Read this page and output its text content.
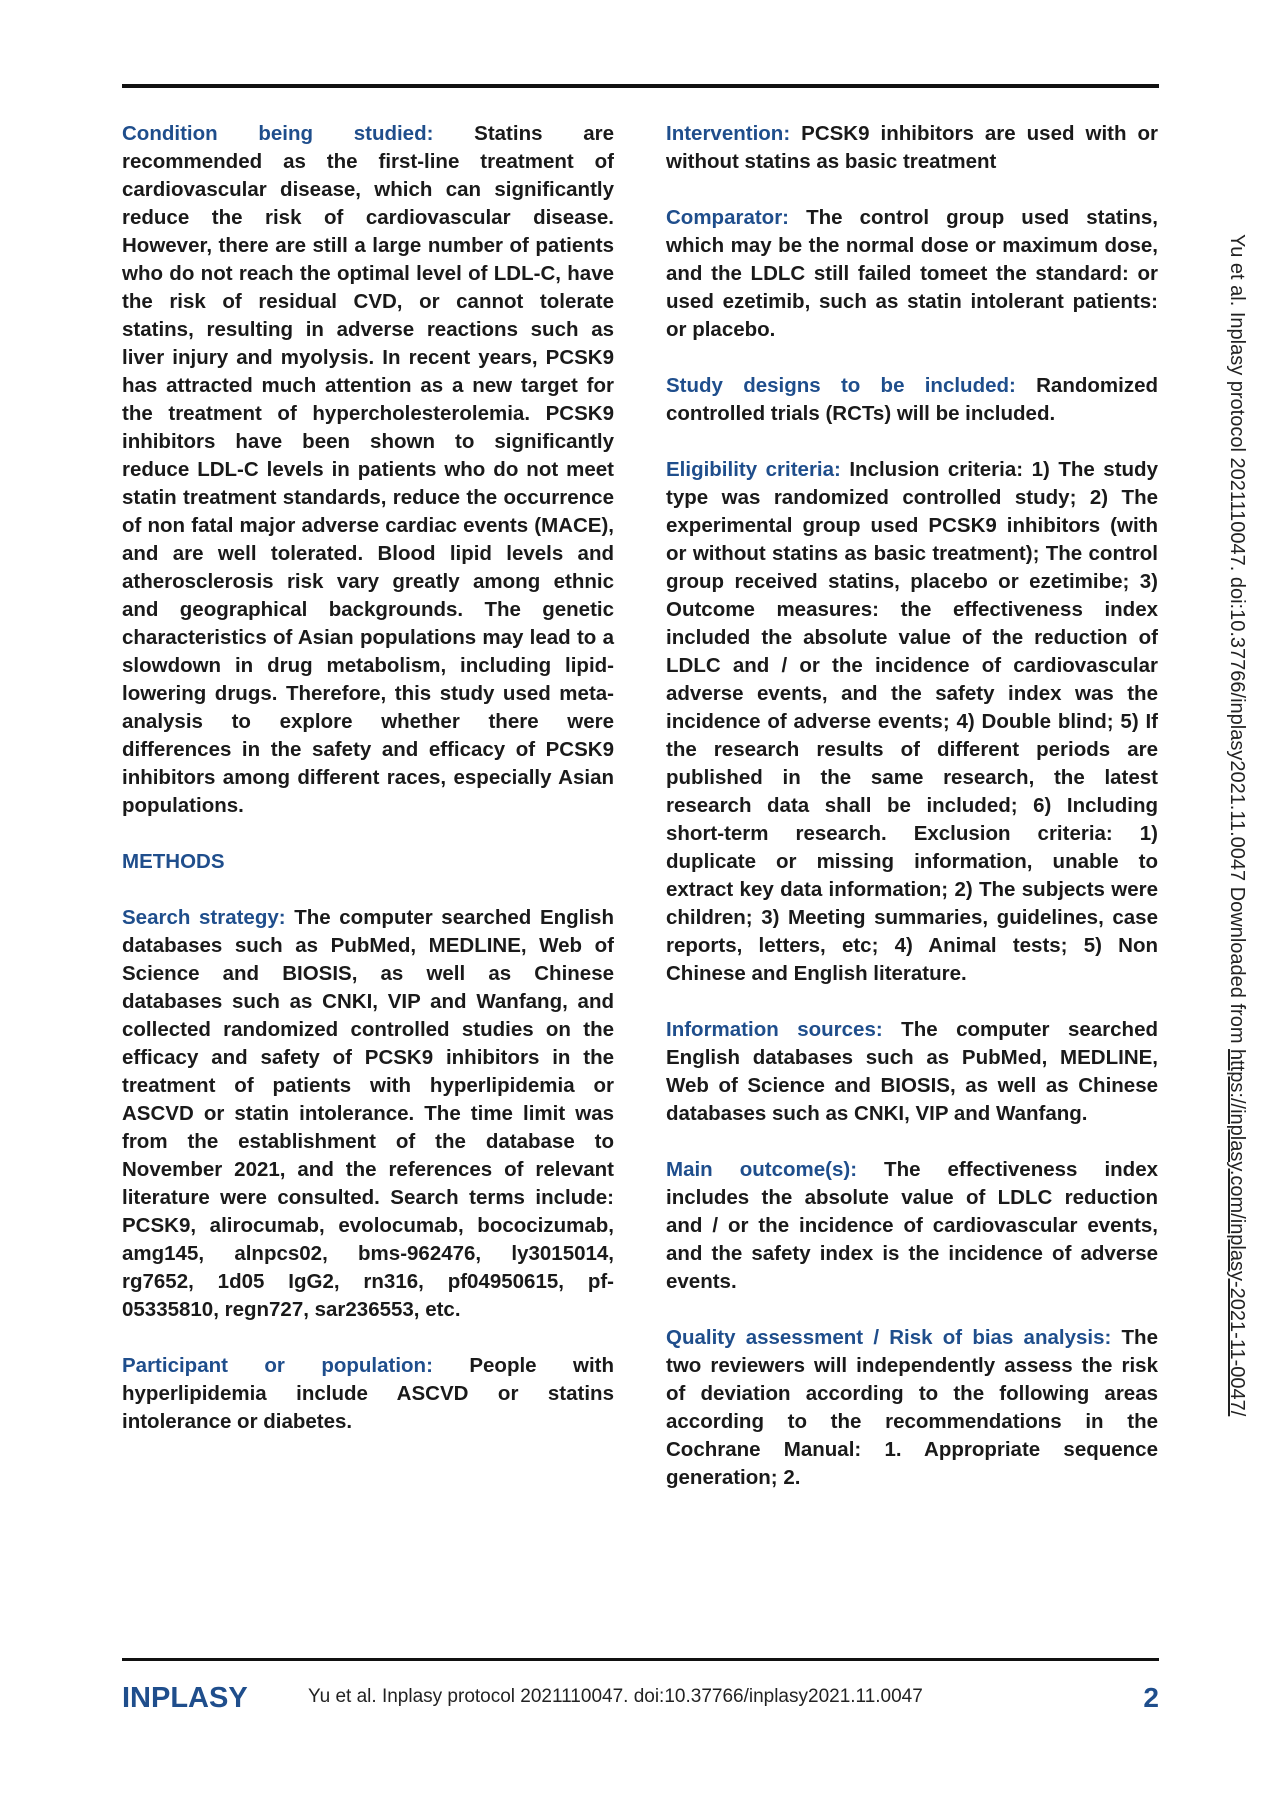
Condition being studied: Statins are recommended as the first-line treatment of cardiovascular disease, which can significantly reduce the risk of cardiovascular disease. However, there are still a large number of patients who do not reach the optimal level of LDL-C, have the risk of residual CVD, or cannot tolerate statins, resulting in adverse reactions such as liver injury and myolysis. In recent years, PCSK9 has attracted much attention as a new target for the treatment of hypercholesterolemia. PCSK9 inhibitors have been shown to significantly reduce LDL-C levels in patients who do not meet statin treatment standards, reduce the occurrence of non fatal major adverse cardiac events (MACE), and are well tolerated. Blood lipid levels and atherosclerosis risk vary greatly among ethnic and geographical backgrounds. The genetic characteristics of Asian populations may lead to a slowdown in drug metabolism, including lipid-lowering drugs. Therefore, this study used meta-analysis to explore whether there were differences in the safety and efficacy of PCSK9 inhibitors among different races, especially Asian populations.

METHODS

Search strategy: The computer searched English databases such as PubMed, MEDLINE, Web of Science and BIOSIS, as well as Chinese databases such as CNKI, VIP and Wanfang, and collected randomized controlled studies on the efficacy and safety of PCSK9 inhibitors in the treatment of patients with hyperlipidemia or ASCVD or statin intolerance. The time limit was from the establishment of the database to November 2021, and the references of relevant literature were consulted. Search terms include: PCSK9, alirocumab, evolocumab, bococizumab, amg145, alnpcs02, bms-962476, ly3015014, rg7652, 1d05 IgG2, rn316, pf04950615, pf-05335810, regn727, sar236553, etc.

Participant or population: People with hyperlipidemia include ASCVD or statins intolerance or diabetes.

Intervention: PCSK9 inhibitors are used with or without statins as basic treatment

Comparator: The control group used statins, which may be the normal dose or maximum dose, and the LDLC still failed tomeet the standard: or used ezetimib, such as statin intolerant patients: or placebo.

Study designs to be included: Randomized controlled trials (RCTs) will be included.

Eligibility criteria: Inclusion criteria: 1) The study type was randomized controlled study; 2) The experimental group used PCSK9 inhibitors (with or without statins as basic treatment); The control group received statins, placebo or ezetimibe; 3) Outcome measures: the effectiveness index included the absolute value of the reduction of LDLC and / or the incidence of cardiovascular adverse events, and the safety index was the incidence of adverse events; 4) Double blind; 5) If the research results of different periods are published in the same research, the latest research data shall be included; 6) Including short-term research. Exclusion criteria: 1) duplicate or missing information, unable to extract key data information; 2) The subjects were children; 3) Meeting summaries, guidelines, case reports, letters, etc; 4) Animal tests; 5) Non Chinese and English literature.

Information sources: The computer searched English databases such as PubMed, MEDLINE, Web of Science and BIOSIS, as well as Chinese databases such as CNKI, VIP and Wanfang.

Main outcome(s): The effectiveness index includes the absolute value of LDLC reduction and / or the incidence of cardiovascular events, and the safety index is the incidence of adverse events.

Quality assessment / Risk of bias analysis: The two reviewers will independently assess the risk of deviation according to the following areas according to the recommendations in the Cochrane Manual: 1. Appropriate sequence generation; 2.

Yu et al. Inplasy protocol 2021110047. doi:10.37766/inplasy2021.11.0047 Downloaded from https://inplasy.com/inplasy-2021-11-0047/
INPLASY	Yu et al. Inplasy protocol 2021110047. doi:10.37766/inplasy2021.11.0047	2
